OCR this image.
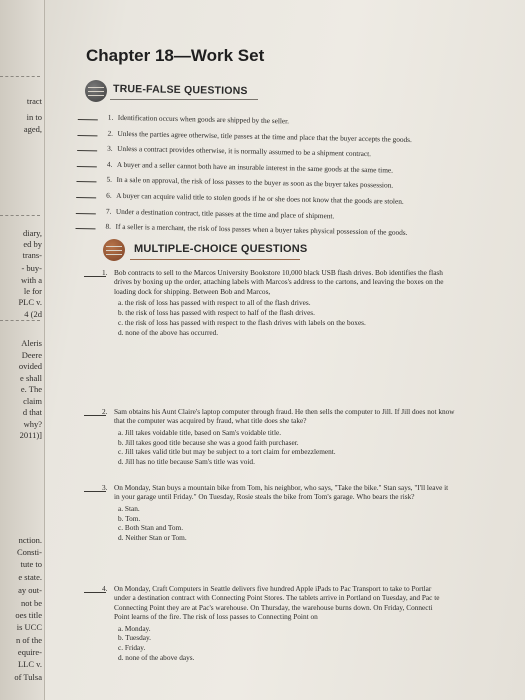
tract
in to
aged,
diary,
ed by
trans-
- buy-
with a
le for
PLC v.
4 (2d
Aleris
Deere
ovided
e shall
e. The
claim
d that
why?
2011)]
nction.
Consti-
tute to
e state.
ay out-
not be
oes title
is UCC
n of the
equire-
LLC v.
of Tulsa
Chapter 18—Work Set
TRUE-FALSE QUESTIONS
1. Identification occurs when goods are shipped by the seller.
2. Unless the parties agree otherwise, title passes at the time and place that the buyer accepts the goods.
3. Unless a contract provides otherwise, it is normally assumed to be a shipment contract.
4. A buyer and a seller cannot both have an insurable interest in the same goods at the same time.
5. In a sale on approval, the risk of loss passes to the buyer as soon as the buyer takes possession.
6. A buyer can acquire valid title to stolen goods if he or she does not know that the goods are stolen.
7. Under a destination contract, title passes at the time and place of shipment.
8. If a seller is a merchant, the risk of loss passes when a buyer takes physical possession of the goods.
MULTIPLE-CHOICE QUESTIONS
1. Bob contracts to sell to the Marcos University Bookstore 10,000 black USB flash drives. Bob identifies the flash
drives by boxing up the order, attaching labels with Marcos's address to the cartons, and leaving the boxes on the
loading dock for shipping. Between Bob and Marcos,
a. the risk of loss has passed with respect to all of the flash drives.
b. the risk of loss has passed with respect to half of the flash drives.
c. the risk of loss has passed with respect to the flash drives with labels on the boxes.
d. none of the above has occurred.
2. Sam obtains his Aunt Claire's laptop computer through fraud. He then sells the computer to Jill. If Jill does not know
that the computer was acquired by fraud, what title does she take?
a. Jill takes voidable title, based on Sam's voidable title.
b. Jill takes good title because she was a good faith purchaser.
c. Jill takes valid title but may be subject to a tort claim for embezzlement.
d. Jill has no title because Sam's title was void.
3. On Monday, Stan buys a mountain bike from Tom, his neighbor, who says, "Take the bike." Stan says, "I'll leave it
in your garage until Friday." On Tuesday, Rosie steals the bike from Tom's garage. Who bears the risk?
a. Stan.
b. Tom.
c. Both Stan and Tom.
d. Neither Stan or Tom.
4. On Monday, Craft Computers in Seattle delivers five hundred Apple iPads to Pac Transport to take to Portlar
under a destination contract with Connecting Point Stores. The tablets arrive in Portland on Tuesday, and Pac te
Connecting Point they are at Pac's warehouse. On Thursday, the warehouse burns down. On Friday, Connecti
Point learns of the fire. The risk of loss passes to Connecting Point on
a. Monday.
b. Tuesday.
c. Friday.
d. none of the above days.
